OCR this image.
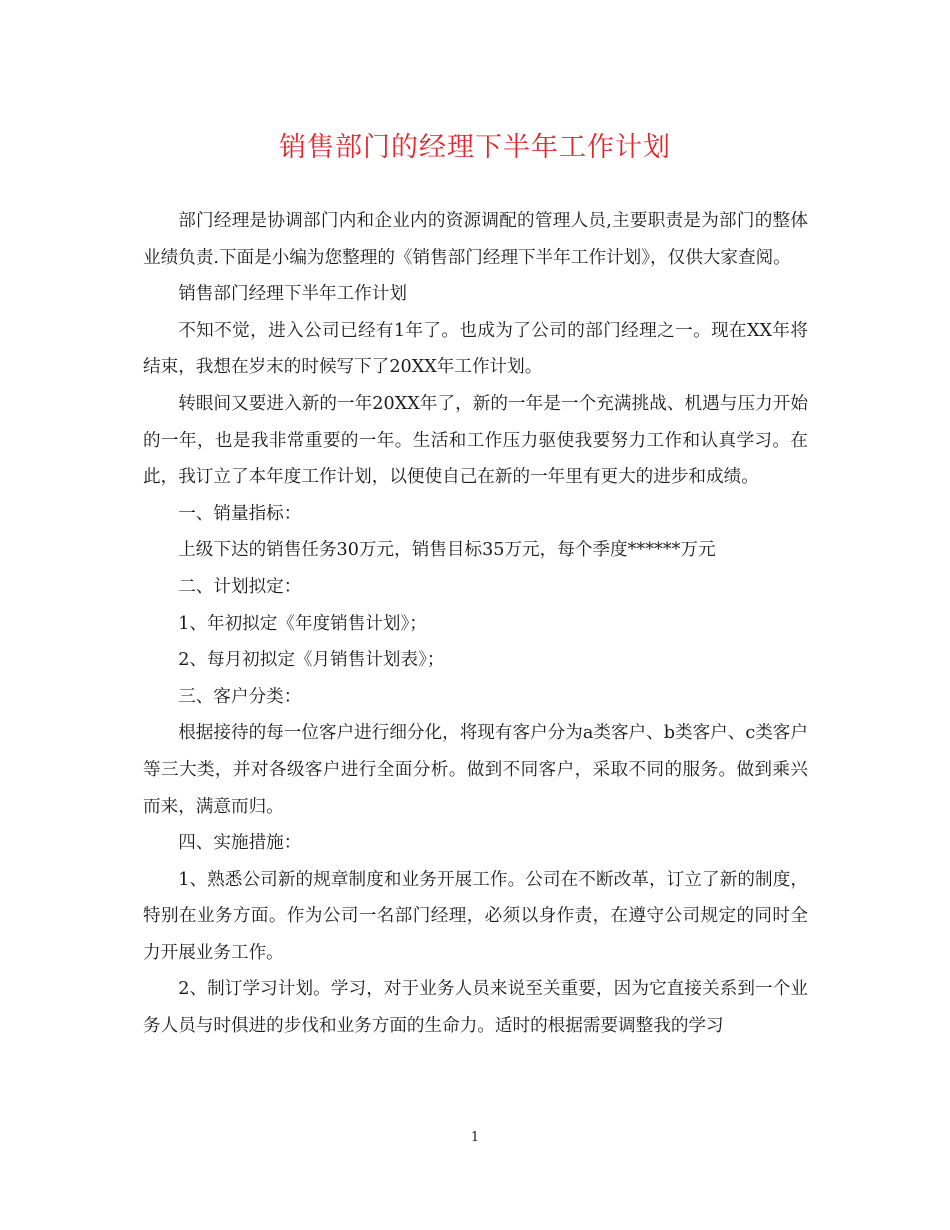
销售部门的经理下半年工作计划

部门经理是协调部门内和企业内的资源调配的管理人员,主要职责是为部门的整体业绩负责.下面是小编为您整理的《销售部门经理下半年工作计划》，仅供大家查阅。

销售部门经理下半年工作计划

不知不觉，进入公司已经有1年了。也成为了公司的部门经理之一。现在XX年将结束，我想在岁末的时候写下了20XX年工作计划。

转眼间又要进入新的一年20XX年了，新的一年是一个充满挑战、机遇与压力开始的一年，也是我非常重要的一年。生活和工作压力驱使我要努力工作和认真学习。在此，我订立了本年度工作计划，以便使自己在新的一年里有更大的进步和成绩。

一、销量指标：

上级下达的销售任务30万元，销售目标35万元，每个季度******万元

二、计划拟定：

1、年初拟定《年度销售计划》；

2、每月初拟定《月销售计划表》；

三、客户分类：

根据接待的每一位客户进行细分化，将现有客户分为a类客户、b类客户、c类客户等三大类，并对各级客户进行全面分析。做到不同客户，采取不同的服务。做到乘兴而来，满意而归。

四、实施措施：

1、熟悉公司新的规章制度和业务开展工作。公司在不断改革，订立了新的制度，特别在业务方面。作为公司一名部门经理，必须以身作责，在遵守公司规定的同时全力开展业务工作。

2、制订学习计划。学习，对于业务人员来说至关重要，因为它直接关系到一个业务人员与时俱进的步伐和业务方面的生命力。适时的根据需要调整我的学习

1
